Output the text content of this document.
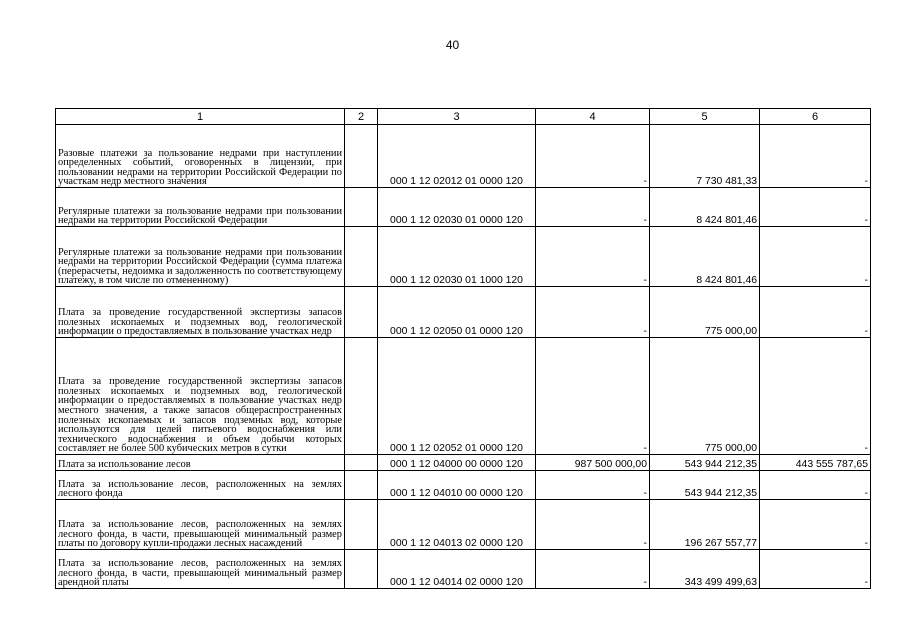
40
1	2	3	4	5	6
Разовые платежи за пользование недрами при наступлении определенных событий, оговоренных в лицензии, при пользовании недрами на территории Российской Федерации по участкам недр местного значения		000 1 12 02012 01 0000 120	-	7 730 481,33	-
Регулярные платежи за пользование недрами при пользовании недрами на территории Российской Федерации		000 1 12 02030 01 0000 120	-	8 424 801,46	-
Регулярные платежи за пользование недрами при пользовании недрами на территории Российской Федерации (сумма платежа (перерасчеты, недоимка и задолженность по соответствующему платежу, в том числе по отмененному)		000 1 12 02030 01 1000 120	-	8 424 801,46	-
Плата за проведение государственной экспертизы запасов полезных ископаемых и подземных вод, геологической информации о предоставляемых в пользование участках недр		000 1 12 02050 01 0000 120	-	775 000,00	-
Плата за проведение государственной экспертизы запасов полезных ископаемых и подземных вод, геологической информации о предоставляемых в пользование участках недр местного значения, а также запасов общераспространенных полезных ископаемых и запасов подземных вод, которые используются для целей питьевого водоснабжения или технического водоснабжения и объем добычи которых составляет не более 500 кубических метров в сутки		000 1 12 02052 01 0000 120	-	775 000,00	-
Плата за использование лесов		000 1 12 04000 00 0000 120	987 500 000,00	543 944 212,35	443 555 787,65
Плата за использование лесов, расположенных на землях лесного фонда		000 1 12 04010 00 0000 120	-	543 944 212,35	-
Плата за использование лесов, расположенных на землях лесного фонда, в части, превышающей минимальный размер платы по договору купли-продажи лесных насаждений		000 1 12 04013 02 0000 120	-	196 267 557,77	-
Плата за использование лесов, расположенных на землях лесного фонда, в части, превышающей минимальный размер арендной платы		000 1 12 04014 02 0000 120	-	343 499 499,63	-
